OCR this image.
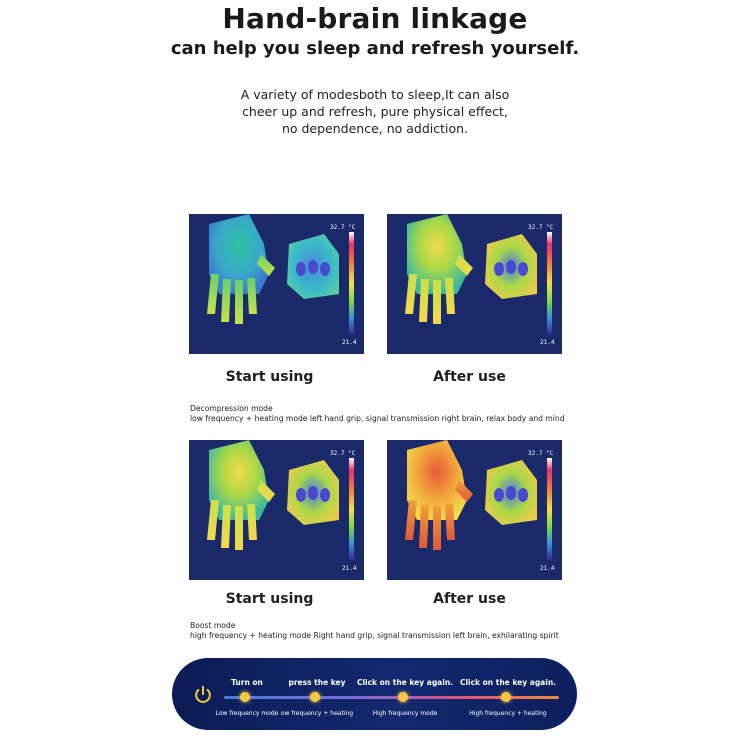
Hand-brain linkage
can help you sleep and refresh yourself.
A variety of modesboth to sleep,It can also
cheer up and refresh, pure physical effect,
no dependence, no addiction.
32.7 °C
21.4
Start using
32.7 °C
21.4
After use
Decompression mode
low frequency + heating mode left hand grip, signal transmission right brain, relax body and mind
32.7 °C
21.4
Start using
32.7 °C
21.4
After use
Boost mode
high frequency + heating mode Right hand grip, signal transmission left brain, exhilarating spirit
Turn on
Low frequency mode
press the key
ow frequency + heating
Click on the key again.
High frequency mode
Click on the key again.
High frequency + heating
